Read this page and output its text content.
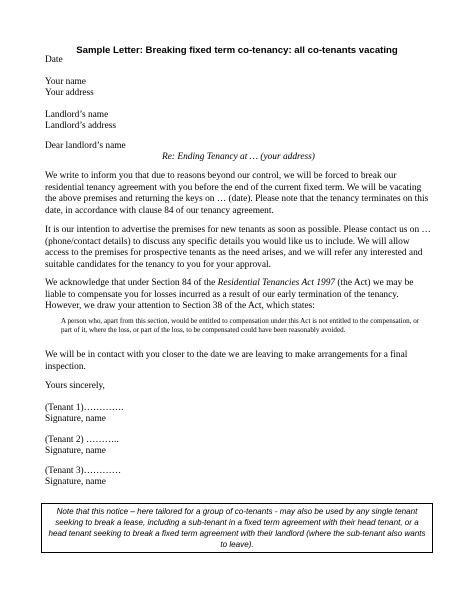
Sample Letter: Breaking fixed term co-tenancy: all co-tenants vacating
Date
Your name
Your address
Landlord’s name
Landlord’s address
Dear landlord’s name
Re: Ending Tenancy at … (your address)
We write to inform you that due to reasons beyond our control, we will be forced to break our residential tenancy agreement with you before the end of the current fixed term. We will be vacating the above premises and returning the keys on … (date). Please note that the tenancy terminates on this date, in accordance with clause 84 of our tenancy agreement.
It is our intention to advertise the premises for new tenants as soon as possible. Please contact us on … (phone/contact details) to discuss any specific details you would like us to include. We will allow access to the premises for prospective tenants as the need arises, and we will refer any interested and suitable candidates for the tenancy to you for your approval.
We acknowledge that under Section 84 of the Residential Tenancies Act 1997 (the Act) we may be liable to compensate you for losses incurred as a result of our early termination of the tenancy. However, we draw your attention to Section 38 of the Act, which states:
A person who, apart from this section, would be entitled to compensation under this Act is not entitled to the compensation, or part of it, where the loss, or part of the loss, to be compensated could have been reasonably avoided.
We will be in contact with you closer to the date we are leaving to make arrangements for a final inspection.
Yours sincerely,
(Tenant 1)………….
Signature, name
(Tenant 2) ………..
Signature, name
(Tenant 3)…………
Signature, name
Note that this notice – here tailored for a group of co-tenants - may also be used by any single tenant seeking to break a lease, including a sub-tenant in a fixed term agreement with their head tenant, or a head tenant seeking to break a fixed term agreement with their landlord (where the sub-tenant also wants to leave).
